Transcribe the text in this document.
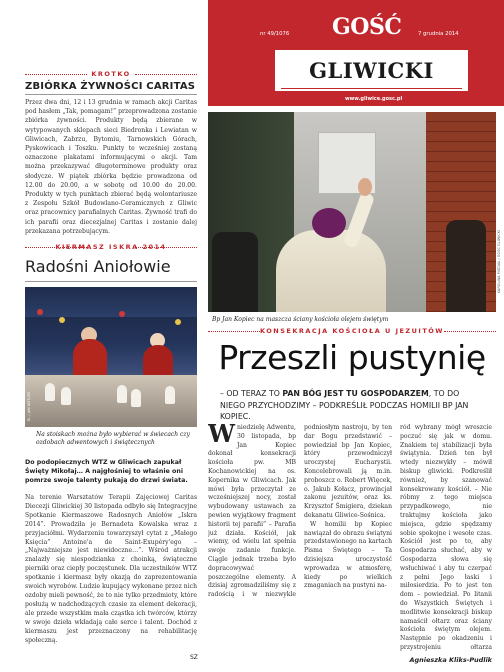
KROTKO
ZBIÓRKA ŻYWNOŚCI CARITAS
Przez dwa dni, 12 i 13 grudnia w ramach akcji Caritas pod hasłem „Tak, pomagam!” przeprowadzona zostanie zbiórka żywności. Produkty będą zbierane w wytypowanych sklepach sieci Biedronka i Lewiatan w Gliwicach, Zabrzu, Bytomiu, Tarnowskich Górach, Pyskowicach i Toszku. Punkty te wcześniej zostaną oznaczone plakatami informującymi o akcji. Tam można przekazywać długoterminowe produkty oraz słodycze. W piątek zbiórka będzie prowadzona od 12.00 do 20.00, a w sobotę od 10.00 do 20.00. Produkty w tych punktach zbierać będą wolontariusze z Zespołu Szkół Budowlano-Ceramicznych z Gliwic oraz pracownicy parafialnych Caritas. Żywność trafi do ich parafii oraz diecezjalnej Caritas i zostanie dalej przekazana potrzebującym.
KIERMASZ ISKRA 2014
Radośni Aniołowie
EL / JAN KISTLER
Na stoiskach można było wybierać w świecach czy ozdobach adwentowych i świątecznych
Do podopiecznych WTZ w Gliwicach zapukał Święty Mikołaj… A najgłośniej to właśnie oni pomrze swoje talenty pukają do drzwi świata.
Na terenie Warsztatów Terapii Zajęciowej Caritas Diecezji Gliwickiej 30 listopada odbyło się Integracyjne Spotkanie Kiermaszowe Radosnych Aniołów „Iskra 2014”. Prowadziła je Bernadeta Kowalska wraz z przyjaciółmi. Wydarzeniu towarzyszył cytat z „Małego Księcia” Antoine'a de Saint-Exupéry'ego – „Najważniejsze jest niewidoczne…”. Wśród atrakcji znalazły się niespodzianka z choinką, świąteczne pierniki oraz ciepły poczęstunek. Dla uczestników WTZ spotkanie i kiermasz były okazją do zaprezentowania swoich wyrobów. Ludzie kupujący wykonane przez nich ozdoby mieli pewność, że to nie tylko przedmioty, które posłużą w nadchodzących czasie za element dekoracji, ale przede wszystkim mała cząstka ich twórców, którzy w swoje dzieła wkładają całe serce i talent. Dochód z kiermaszu jest przeznaczony na rehabilitację społeczną.
SZ
nr 49/1076 GOŚĆ	7 grudnia 2014
GLIWICKI
www.gliwice.gosc.pl
KAROLINA MIGDAŁ / GOŚĆ GLIWICKI
Bp Jan Kopiec na maszcza ściany kościoła olejem świętym
KONSEKRACJA KOŚCIOŁA U JEZUITÓW
Przeszli pustynię
– OD TERAZ TO PAN BÓG JEST TU GOSPODARZEM, TO DO NIEGO PRZYCHODZIMY – PODKREŚLIŁ PODCZAS HOMILII BP JAN KOPIEC.
Wniedzielę Adwentu, 30 listopada, bp Jan Kopiec dokonał konsekracji kościoła pw. MB Kochanowickiej na os. Kopernika w Gliwicach. Jak mówi była przeczytał ze wcześniejszej nocy, został wybudowany ustawach za pewien wyjątkowy fragment historii tej parafii” – Parafia już działa. Kościół, jak wiemy, od wielu lat spełnia swoje zadanie funkcje. Ciągle jednak trzeba było dopracowywać poszczególne elementy. A dzisiaj zgromadziliśmy się z radością i w niezwykle podniosłym nastroju, by ten dar Bogu przedstawić – powiedział bp Jan Kopiec, który przewodniczył uroczystej Eucharystii. Koncelebrowali ją m.in. proboszcz o. Robert Więcek, o. Jakub Kołacz, prowincjał zakonu jezuitów, oraz ks. Krzysztof Śmigiera, dziekan dekanatu Gliwice-Sośnica.
W homilii bp Kopiec nawiązał do obrazu świątyni przedstawionego na kartach Pisma Świętego – Ta dzisiejsza uroczystość wprowadza w atmosferę, kiedy po wielkich zmaganiach na pustyni na-
ród wybrany mógł wreszcie poczuć się jak w domu. Znakiem tej stabilizacji była świątynia. Dzień ten był wtedy niezwykły – mówił biskup gliwicki. Podkreślił również, by szanować konsekrowany kościół. – Nie róbmy z tego miejsca przypadkowego, nie traktujmy kościoła jako miejsca, gdzie spędzamy sobie spokojne i wesołe czas. Kościół jest po to, aby Gospodarza słuchać, aby w Gospodarza słowa się wsłuchiwać i aby tu czerpać z pełni Jego łaski i miłosierdzia. Po to jest ten dom – powiedział. Po litanii do Wszystkich Świętych i modlitwie konsekracji biskup namaścił ołtarz oraz ściany kościoła świętym olejem. Następnie po okadzeniu i przystrojeniu ołtarza
Agnieszka Kliks-Pudlik
